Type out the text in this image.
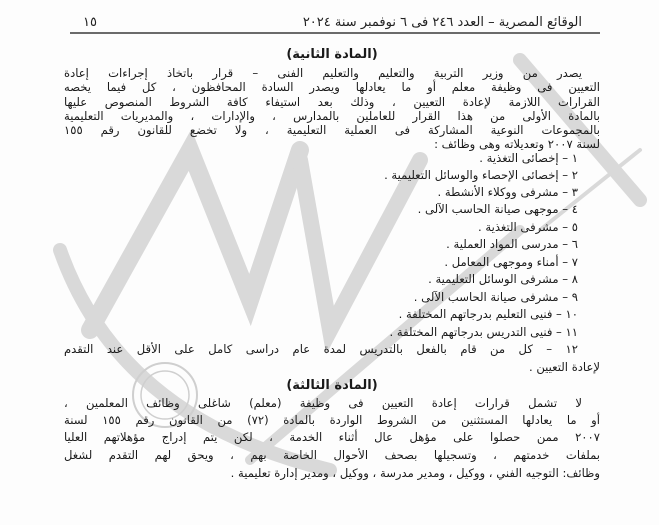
الوقائع المصرية – العدد ٢٤٦ فى ٦ نوفمبر سنة ٢٠٢٤
١٥
(المادة الثانية)
يصدر من وزير التربية والتعليم والتعليم الفنى – قرار باتخاذ إجراءات إعادة
التعيين فى وظيفة معلم أو ما يعادلها ويصدر السادة المحافظون ، كل فيما يخصه
القرارات اللازمة لإعادة التعيين ، وذلك بعد استيفاء كافة الشروط المنصوص عليها
بالمادة الأولى من هذا القرار للعاملين بالمدارس ، والإدارات ، والمديريات التعليمية
بالمجموعات النوعية المشاركة فى العملية التعليمية ، ولا تخضع للقانون رقم ١٥٥
لسنة ٢٠٠٧ وتعديلاته وهى وظائف :
١ – إخصائى التغذية .
٢ – إخصائى الإحصاء والوسائل التعليمية .
٣ – مشرفى ووكلاء الأنشطة .
٤ – موجهى صيانة الحاسب الآلى .
٥ – مشرفى التغذية .
٦ – مدرسى المواد العملية .
٧ – أمناء وموجهى المعامل .
٨ – مشرفى الوسائل التعليمية .
٩ – مشرفى صيانة الحاسب الآلى .
١٠ – فنيى التعليم بدرجاتهم المختلفة .
١١ – فنيى التدريس بدرجاتهم المختلفة .
١٢ – كل من قام بالفعل بالتدريس لمدة عام دراسى كامل على الأقل عند التقدم
لإعادة التعيين .
(المادة الثالثة)
لا تشمل قرارات إعادة التعيين فى وظيفة (معلم) شاغلى وظائف المعلمين ،
أو ما يعادلها المستثنين من الشروط الواردة بالمادة (٧٢) من القانون رقم ١٥٥ لسنة
٢٠٠٧ ممن حصلوا على مؤهل عال أثناء الخدمة ، لكن يتم إدراج مؤهلاتهم العليا
بملفات خدمتهم ، وتسجيلها بصحف الأحوال الخاصة بهم ، ويحق لهم التقدم لشغل
وظائف: التوجيه الفني ، ووكيل ، ومدير مدرسة ، ووكيل ، ومدير إدارة تعليمية .
